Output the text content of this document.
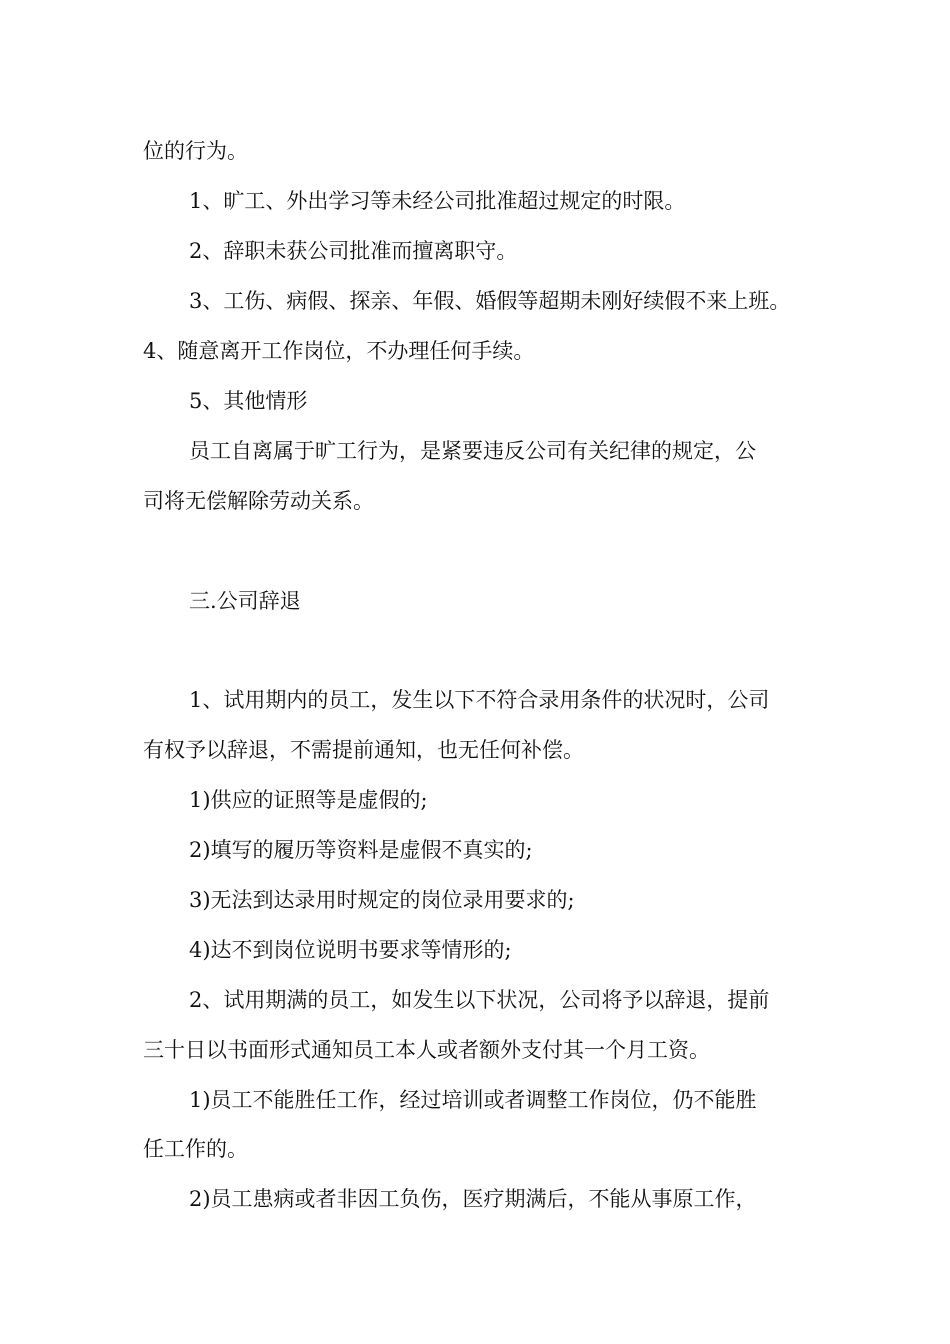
位的行为。

1、旷工、外出学习等未经公司批准超过规定的时限。

2、辞职未获公司批准而擅离职守。

3、工伤、病假、探亲、年假、婚假等超期未刚好续假不来上班。

4、随意离开工作岗位，不办理任何手续。

5、其他情形

员工自离属于旷工行为，是紧要违反公司有关纪律的规定，公

司将无偿解除劳动关系。

三.公司辞退

1、试用期内的员工，发生以下不符合录用条件的状况时，公司

有权予以辞退，不需提前通知，也无任何补偿。

1)供应的证照等是虚假的;

2)填写的履历等资料是虚假不真实的;

3)无法到达录用时规定的岗位录用要求的;

4)达不到岗位说明书要求等情形的;

2、试用期满的员工，如发生以下状况，公司将予以辞退，提前

三十日以书面形式通知员工本人或者额外支付其一个月工资。

1)员工不能胜任工作，经过培训或者调整工作岗位，仍不能胜

任工作的。

2)员工患病或者非因工负伤，医疗期满后，不能从事原工作，
